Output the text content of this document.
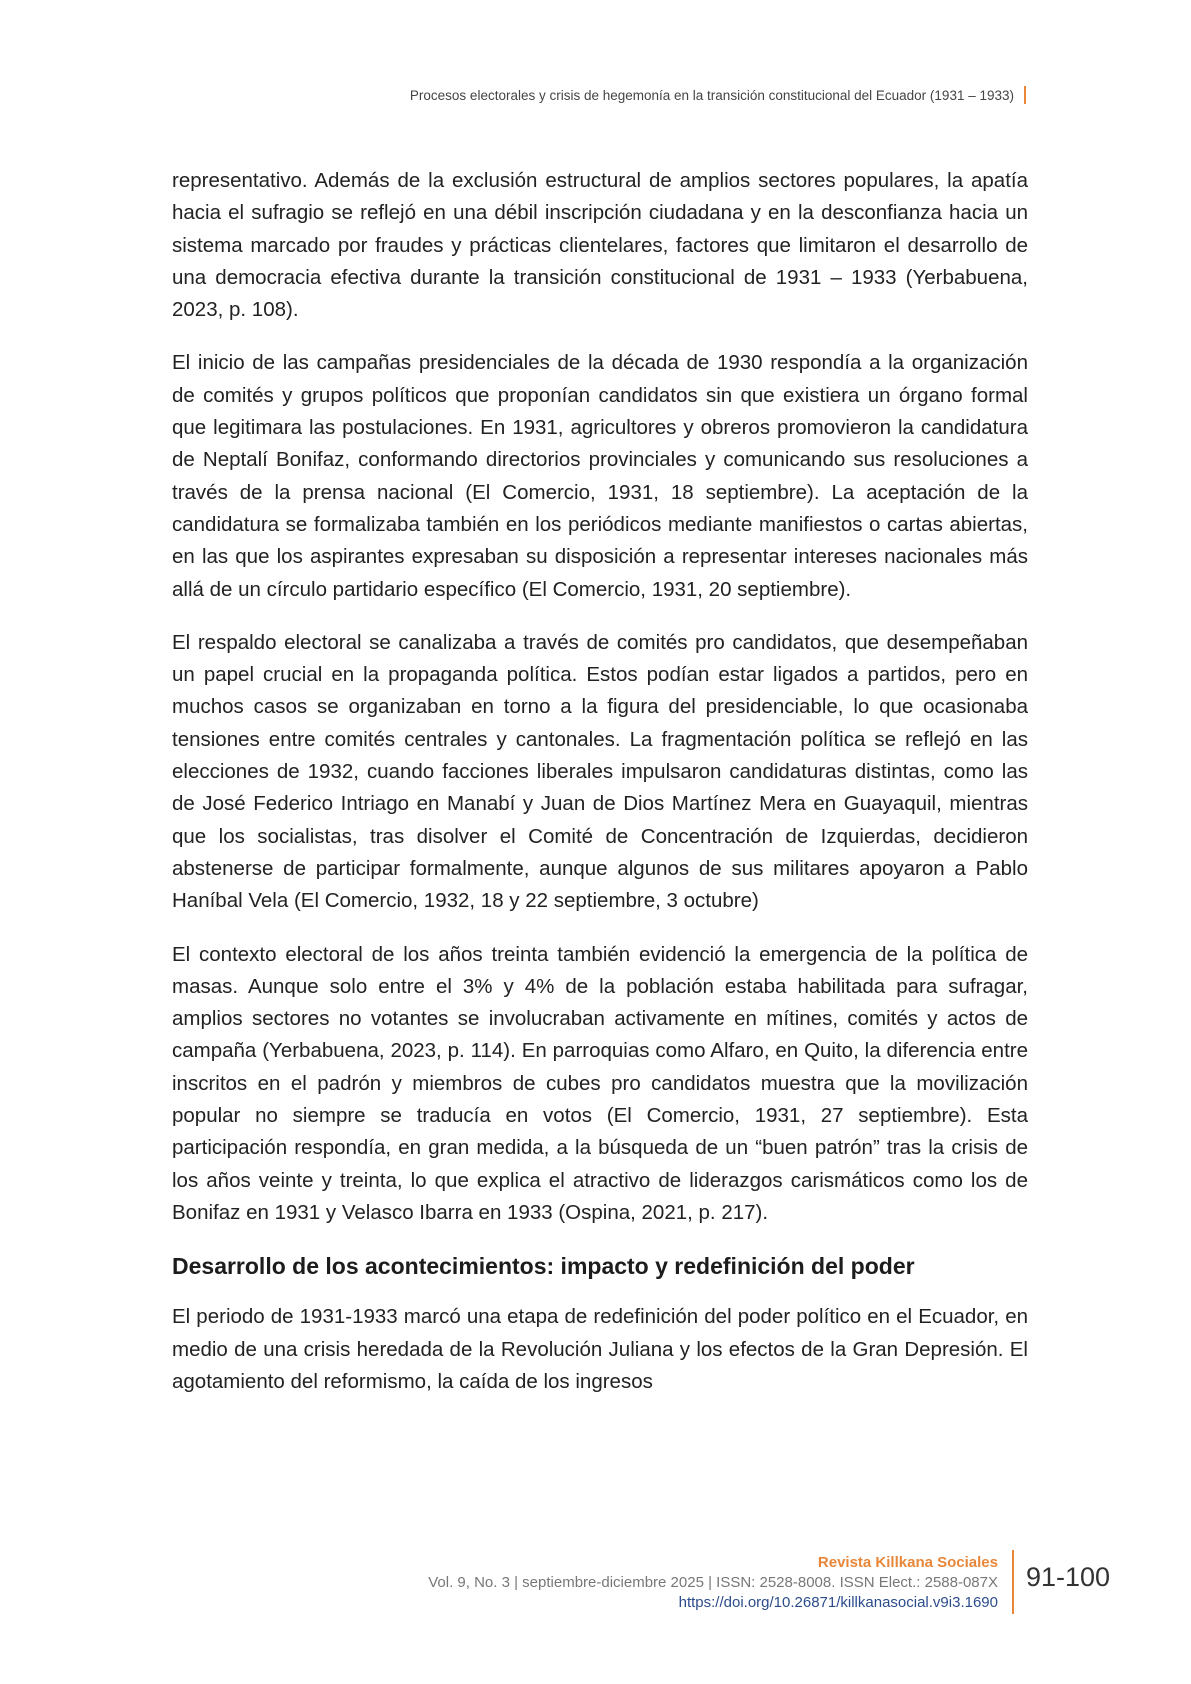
Procesos electorales y crisis de hegemonía en la transición constitucional del Ecuador (1931 – 1933)

representativo. Además de la exclusión estructural de amplios sectores populares, la apatía hacia el sufragio se reflejó en una débil inscripción ciudadana y en la desconfianza hacia un sistema marcado por fraudes y prácticas clientelares, factores que limitaron el desarrollo de una democracia efectiva durante la transición constitucional de 1931 – 1933 (Yerbabuena, 2023, p. 108).

El inicio de las campañas presidenciales de la década de 1930 respondía a la organización de comités y grupos políticos que proponían candidatos sin que existiera un órgano formal que legitimara las postulaciones. En 1931, agricultores y obreros promovieron la candidatura de Neptalí Bonifaz, conformando directorios provinciales y comunicando sus resoluciones a través de la prensa nacional (El Comercio, 1931, 18 septiembre). La aceptación de la candidatura se formalizaba también en los periódicos mediante manifiestos o cartas abiertas, en las que los aspirantes expresaban su disposición a representar intereses nacionales más allá de un círculo partidario específico (El Comercio, 1931, 20 septiembre).

El respaldo electoral se canalizaba a través de comités pro candidatos, que desempeñaban un papel crucial en la propaganda política. Estos podían estar ligados a partidos, pero en muchos casos se organizaban en torno a la figura del presidenciable, lo que ocasionaba tensiones entre comités centrales y cantonales. La fragmentación política se reflejó en las elecciones de 1932, cuando facciones liberales impulsaron candidaturas distintas, como las de José Federico Intriago en Manabí y Juan de Dios Martínez Mera en Guayaquil, mientras que los socialistas, tras disolver el Comité de Concentración de Izquierdas, decidieron abstenerse de participar formalmente, aunque algunos de sus militares apoyaron a Pablo Haníbal Vela (El Comercio, 1932, 18 y 22 septiembre, 3 octubre)

El contexto electoral de los años treinta también evidenció la emergencia de la política de masas. Aunque solo entre el 3% y 4% de la población estaba habilitada para sufragar, amplios sectores no votantes se involucraban activamente en mítines, comités y actos de campaña (Yerbabuena, 2023, p. 114). En parroquias como Alfaro, en Quito, la diferencia entre inscritos en el padrón y miembros de cubes pro candidatos muestra que la movilización popular no siempre se traducía en votos (El Comercio, 1931, 27 septiembre). Esta participación respondía, en gran medida, a la búsqueda de un “buen patrón” tras la crisis de los años veinte y treinta, lo que explica el atractivo de liderazgos carismáticos como los de Bonifaz en 1931 y Velasco Ibarra en 1933 (Ospina, 2021, p. 217).

Desarrollo de los acontecimientos: impacto y redefinición del poder

El periodo de 1931-1933 marcó una etapa de redefinición del poder político en el Ecuador, en medio de una crisis heredada de la Revolución Juliana y los efectos de la Gran Depresión. El agotamiento del reformismo, la caída de los ingresos

Revista Killkana Sociales
Vol. 9, No. 3 | septiembre-diciembre 2025 | ISSN: 2528-8008. ISSN Elect.: 2588-087X
https://doi.org/10.26871/killkanasocial.v9i3.1690
91-100
